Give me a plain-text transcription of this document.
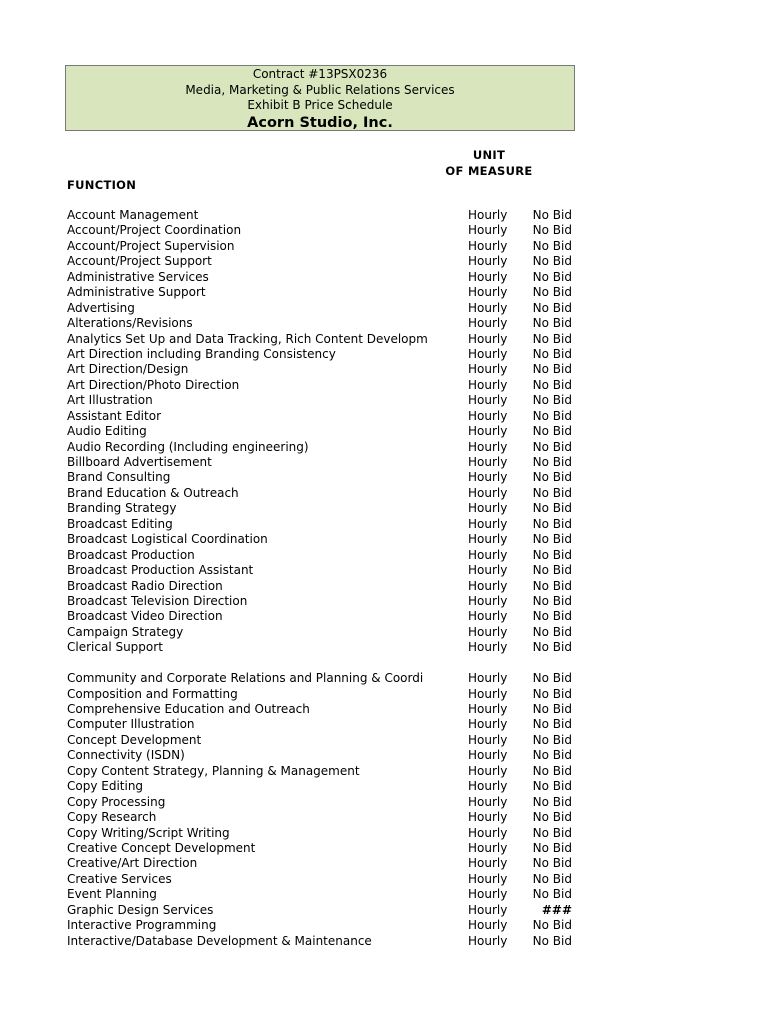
Contract #13PSX0236
Media, Marketing & Public Relations Services
Exhibit B Price Schedule
Acorn Studio, Inc.
UNIT
OF MEASURE
FUNCTION
Account Management	Hourly	No Bid
Account/Project Coordination	Hourly	No Bid
Account/Project Supervision	Hourly	No Bid
Account/Project Support	Hourly	No Bid
Administrative Services	Hourly	No Bid
Administrative Support	Hourly	No Bid
Advertising	Hourly	No Bid
Alterations/Revisions	Hourly	No Bid
Analytics Set Up and Data Tracking, Rich Content Developm	Hourly	No Bid
Art Direction including Branding Consistency	Hourly	No Bid
Art Direction/Design	Hourly	No Bid
Art Direction/Photo Direction	Hourly	No Bid
Art Illustration	Hourly	No Bid
Assistant Editor	Hourly	No Bid
Audio Editing	Hourly	No Bid
Audio Recording (Including engineering)	Hourly	No Bid
Billboard Advertisement	Hourly	No Bid
Brand Consulting	Hourly	No Bid
Brand Education & Outreach	Hourly	No Bid
Branding Strategy	Hourly	No Bid
Broadcast Editing	Hourly	No Bid
Broadcast Logistical Coordination	Hourly	No Bid
Broadcast Production	Hourly	No Bid
Broadcast Production Assistant	Hourly	No Bid
Broadcast Radio Direction	Hourly	No Bid
Broadcast Television Direction	Hourly	No Bid
Broadcast Video Direction	Hourly	No Bid
Campaign Strategy	Hourly	No Bid
Clerical Support	Hourly	No Bid
Community and Corporate Relations and Planning & Coordi	Hourly	No Bid
Composition and Formatting	Hourly	No Bid
Comprehensive Education and Outreach	Hourly	No Bid
Computer Illustration	Hourly	No Bid
Concept Development	Hourly	No Bid
Connectivity (ISDN)	Hourly	No Bid
Copy Content Strategy, Planning & Management	Hourly	No Bid
Copy Editing	Hourly	No Bid
Copy Processing	Hourly	No Bid
Copy Research	Hourly	No Bid
Copy Writing/Script Writing	Hourly	No Bid
Creative Concept Development	Hourly	No Bid
Creative/Art Direction	Hourly	No Bid
Creative Services	Hourly	No Bid
Event Planning	Hourly	No Bid
Graphic Design Services	Hourly	###
Interactive Programming	Hourly	No Bid
Interactive/Database Development & Maintenance	Hourly	No Bid
